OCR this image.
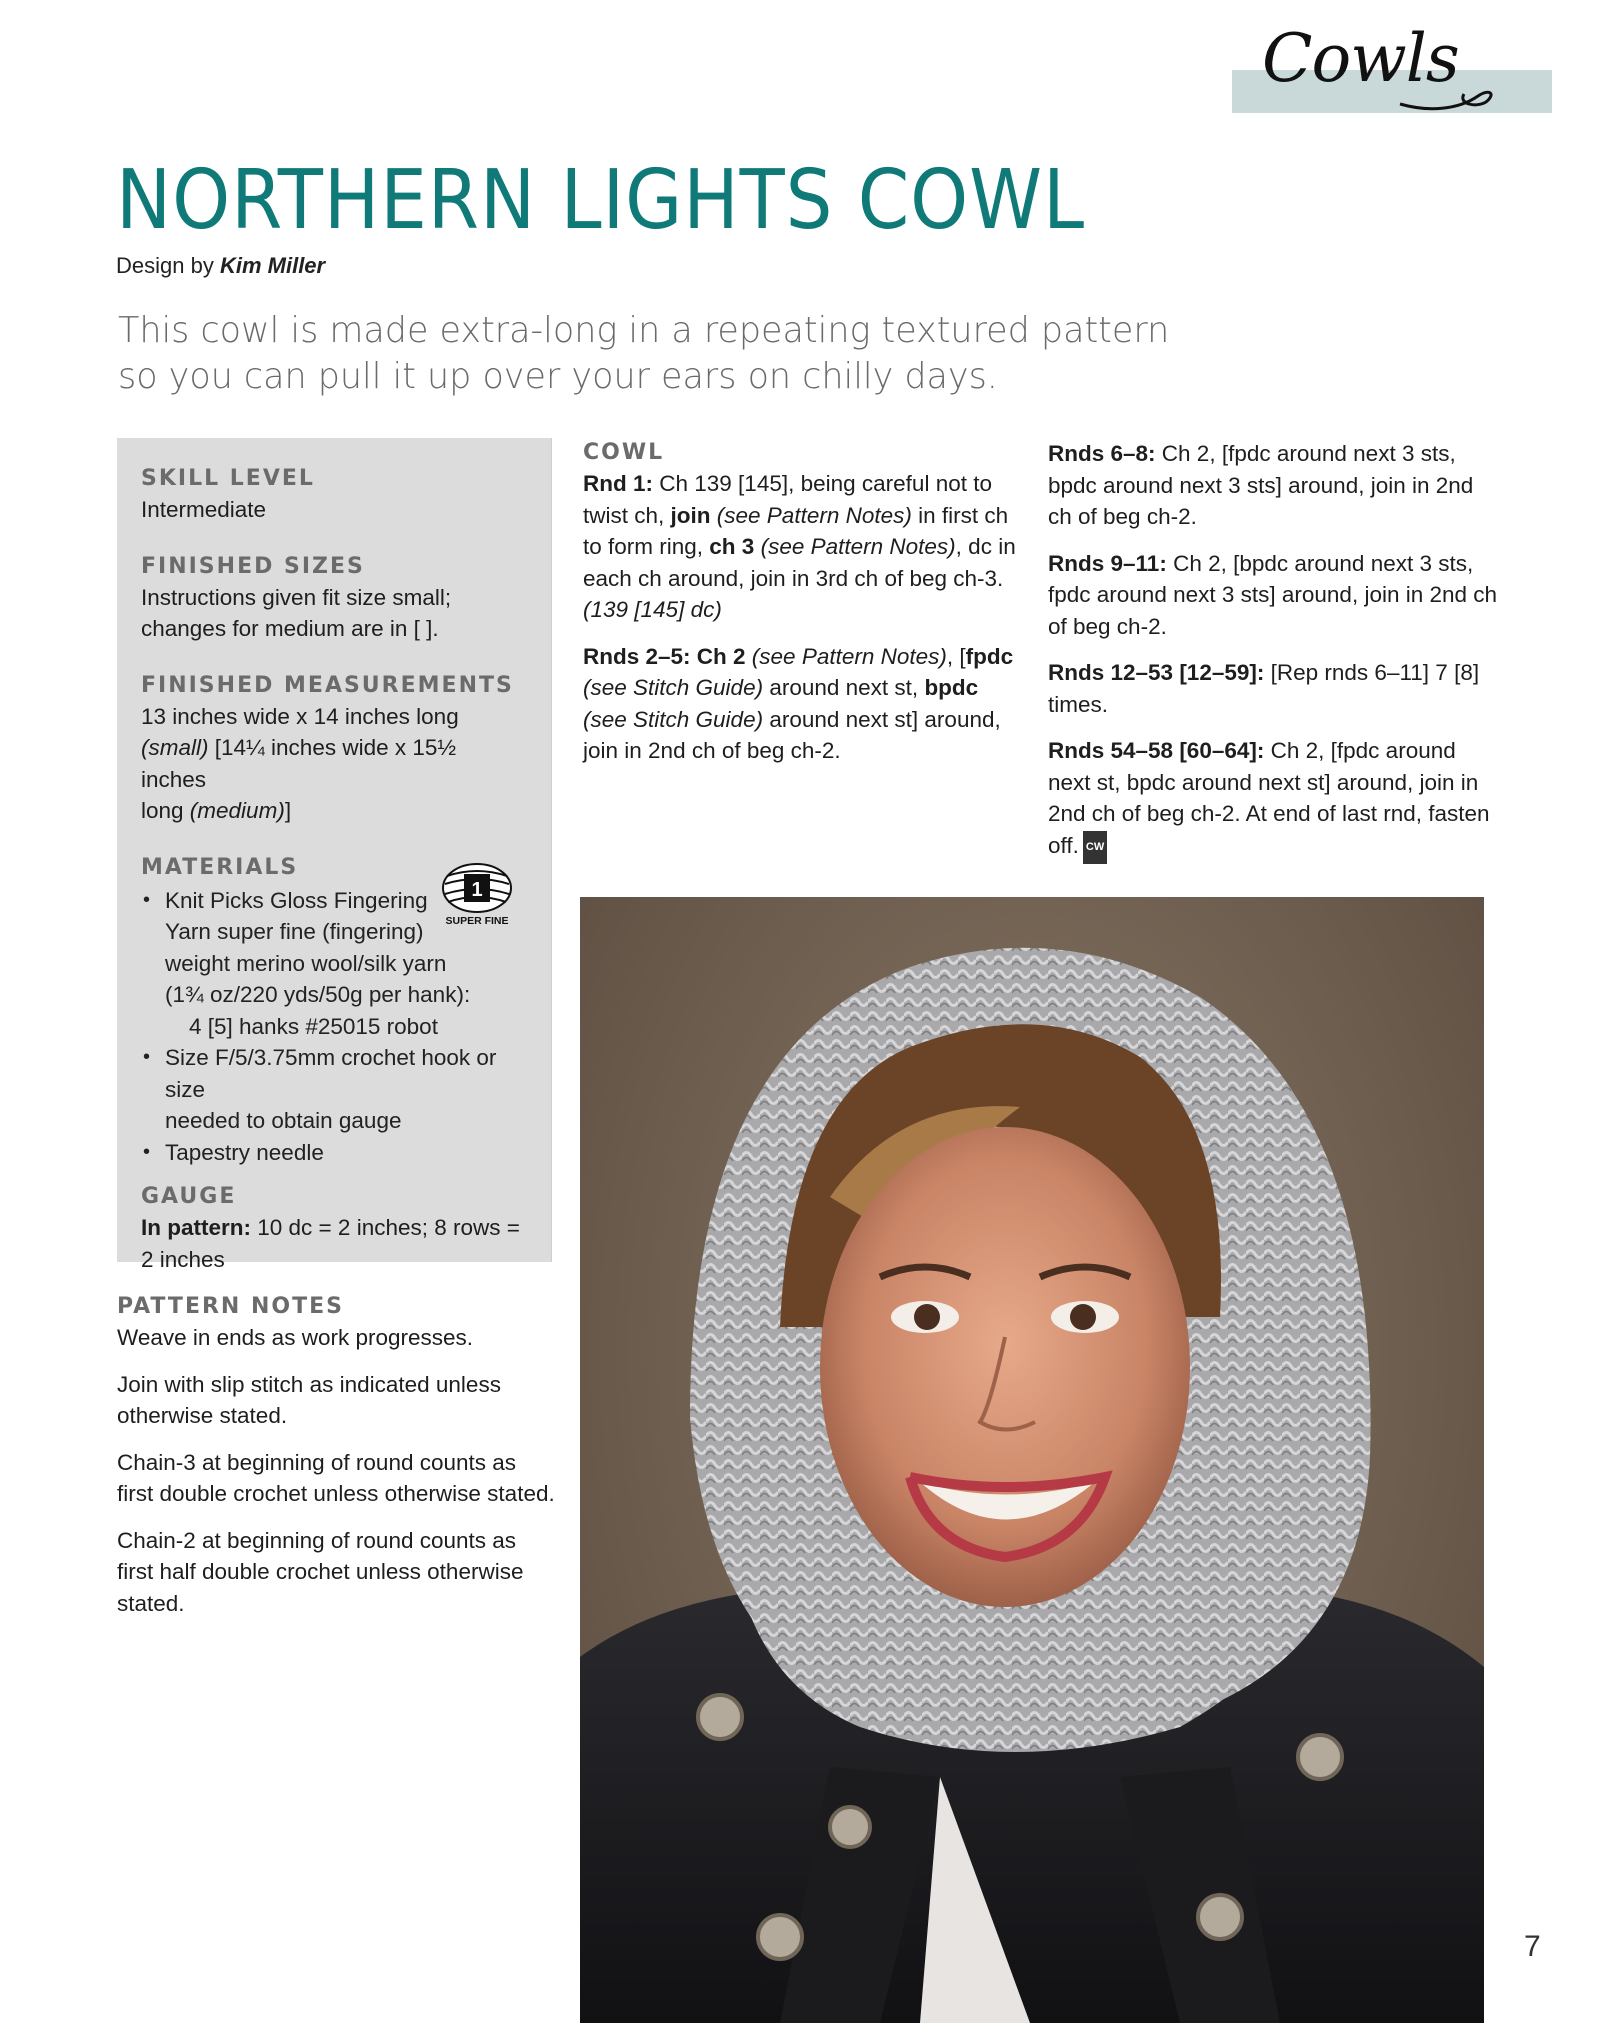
Cowls
NORTHERN LIGHTS COWL
Design by Kim Miller
This cowl is made extra-long in a repeating textured pattern
so you can pull it up over your ears on chilly days.
SKILL LEVEL
Intermediate
FINISHED SIZES
Instructions given fit size small;
changes for medium are in [ ].
FINISHED MEASUREMENTS
13 inches wide x 14 inches long
(small) [14¼ inches wide x 15½ inches
long (medium)]
MATERIALS
• Knit Picks Gloss Fingering
Yarn super fine (fingering)
weight merino wool/silk yarn
(1¾ oz/220 yds/50g per hank):

4 [5] hanks #25015 robot
• Size F/5/3.75mm crochet hook or size
needed to obtain gauge
• Tapestry needle
GAUGE
In pattern: 10 dc = 2 inches; 8 rows =
2 inches
1
SUPER FINE
PATTERN NOTES

Weave in ends as work progresses.

Join with slip stitch as indicated unless otherwise stated.

Chain-3 at beginning of round counts as first double crochet unless otherwise stated.

Chain-2 at beginning of round counts as first half double crochet unless otherwise stated.

COWL

Rnd 1: Ch 139 [145], being careful not to twist ch, join (see Pattern Notes) in first ch to form ring, ch 3 (see Pattern Notes), dc in each ch around, join in 3rd ch of beg ch-3. (139 [145] dc)

Rnds 2–5: Ch 2 (see Pattern Notes), [fpdc (see Stitch Guide) around next st, bpdc (see Stitch Guide) around next st] around, join in 2nd ch of beg ch-2.

Rnds 6–8: Ch 2, [fpdc around next 3 sts, bpdc around next 3 sts] around, join in 2nd ch of beg ch-2.

Rnds 9–11: Ch 2, [bpdc around next 3 sts, fpdc around next 3 sts] around, join in 2nd ch of beg ch-2.

Rnds 12–53 [12–59]: [Rep rnds 6–11] 7 [8] times.

Rnds 54–58 [60–64]: Ch 2, [fpdc around next st, bpdc around next st] around, join in 2nd ch of beg ch-2. At end of last rnd, fasten off. CW

7
